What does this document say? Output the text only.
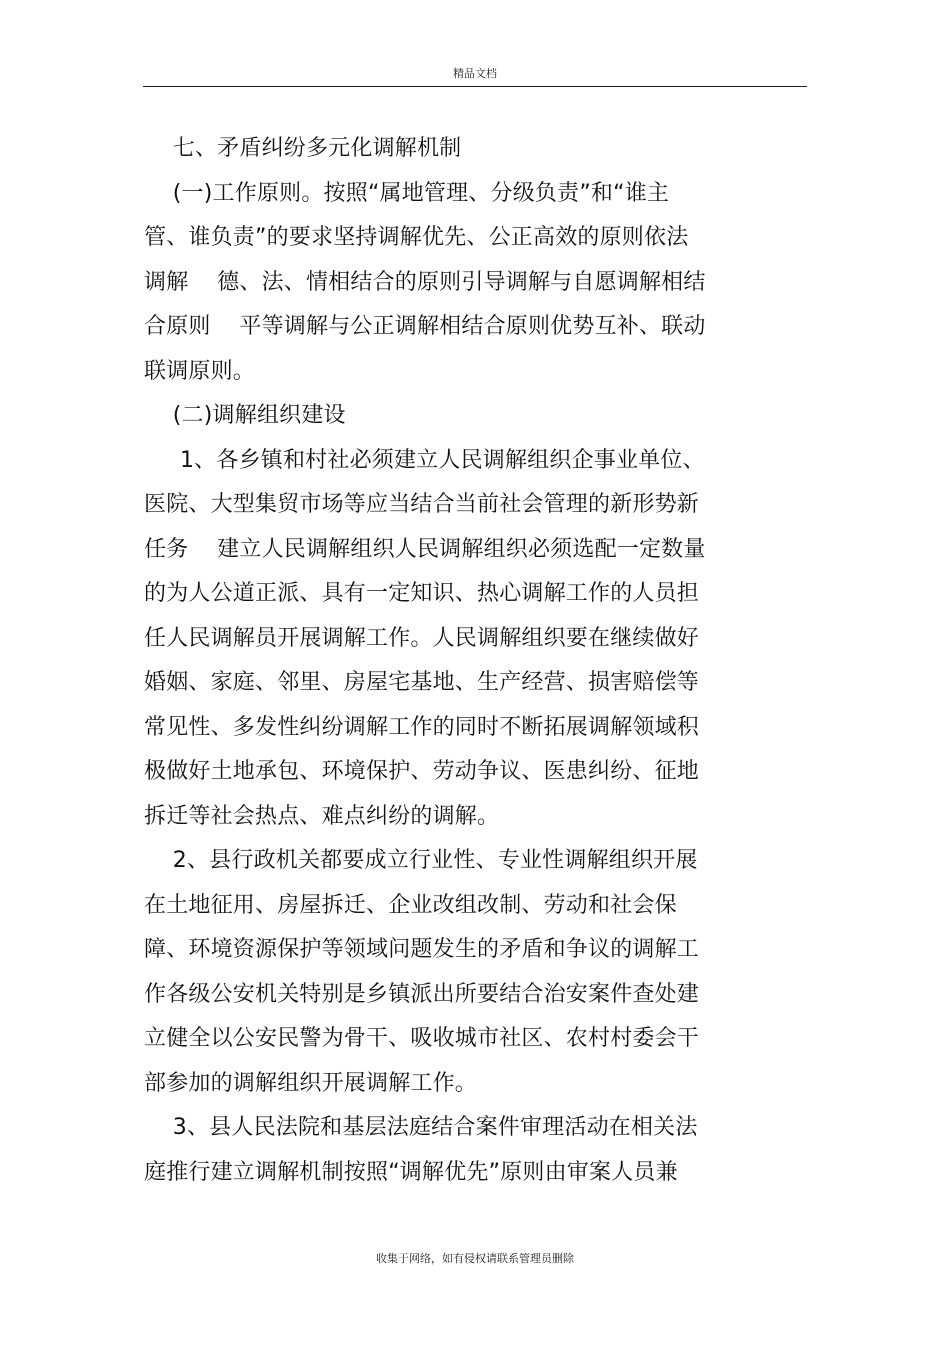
精品文档
七、矛盾纠纷多元化调解机制
(一)工作原则。按照“属地管理、分级负责”和“谁主
管、谁负责”的要求坚持调解优先、公正高效的原则依法
调解    德、法、情相结合的原则引导调解与自愿调解相结
合原则    平等调解与公正调解相结合原则优势互补、联动
联调原则。
(二)调解组织建设
1、各乡镇和村社必须建立人民调解组织企事业单位、
医院、大型集贸市场等应当结合当前社会管理的新形势新
任务    建立人民调解组织人民调解组织必须选配一定数量
的为人公道正派、具有一定知识、热心调解工作的人员担
任人民调解员开展调解工作。人民调解组织要在继续做好
婚姻、家庭、邻里、房屋宅基地、生产经营、损害赔偿等
常见性、多发性纠纷调解工作的同时不断拓展调解领域积
极做好土地承包、环境保护、劳动争议、医患纠纷、征地
拆迁等社会热点、难点纠纷的调解。
2、县行政机关都要成立行业性、专业性调解组织开展
在土地征用、房屋拆迁、企业改组改制、劳动和社会保
障、环境资源保护等领域问题发生的矛盾和争议的调解工
作各级公安机关特别是乡镇派出所要结合治安案件查处建
立健全以公安民警为骨干、吸收城市社区、农村村委会干
部参加的调解组织开展调解工作。
3、县人民法院和基层法庭结合案件审理活动在相关法
庭推行建立调解机制按照“调解优先”原则由审案人员兼
收集于网络，如有侵权请联系管理员删除
